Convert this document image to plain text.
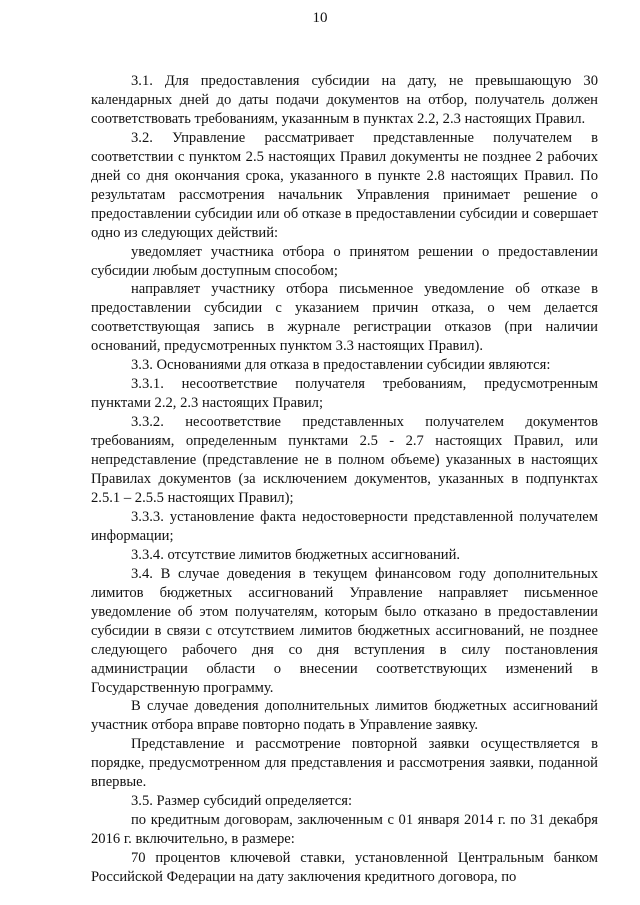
10

3.1. Для предоставления субсидии на дату, не превышающую 30 календарных дней до даты подачи документов на отбор, получатель должен соответствовать требованиям, указанным в пунктах 2.2, 2.3 настоящих Правил.

3.2. Управление рассматривает представленные получателем в соответствии с пунктом 2.5 настоящих Правил документы не позднее 2 рабочих дней со дня окончания срока, указанного в пункте 2.8 настоящих Правил. По результатам рассмотрения начальник Управления принимает решение о предоставлении субсидии или об отказе в предоставлении субсидии и совершает одно из следующих действий:

уведомляет участника отбора о принятом решении о предоставлении субсидии любым доступным способом;

направляет участнику отбора письменное уведомление об отказе в предоставлении субсидии с указанием причин отказа, о чем делается соответствующая запись в журнале регистрации отказов (при наличии оснований, предусмотренных пунктом 3.3 настоящих Правил).

3.3. Основаниями для отказа в предоставлении субсидии являются:

3.3.1. несоответствие получателя требованиям, предусмотренным пунктами 2.2, 2.3 настоящих Правил;

3.3.2. несоответствие представленных получателем документов требованиям, определенным пунктами 2.5 - 2.7 настоящих Правил, или непредставление (представление не в полном объеме) указанных в настоящих Правилах документов (за исключением документов, указанных в подпунктах 2.5.1 – 2.5.5 настоящих Правил);

3.3.3. установление факта недостоверности представленной получателем информации;

3.3.4. отсутствие лимитов бюджетных ассигнований.

3.4. В случае доведения в текущем финансовом году дополнительных лимитов бюджетных ассигнований Управление направляет письменное уведомление об этом получателям, которым было отказано в предоставлении субсидии в связи с отсутствием лимитов бюджетных ассигнований, не позднее следующего рабочего дня со дня вступления в силу постановления администрации области о внесении соответствующих изменений в Государственную программу.

В случае доведения дополнительных лимитов бюджетных ассигнований участник отбора вправе повторно подать в Управление заявку.

Представление и рассмотрение повторной заявки осуществляется в порядке, предусмотренном для представления и рассмотрения заявки, поданной впервые.

3.5. Размер субсидий определяется:

по кредитным договорам, заключенным с 01 января 2014 г. по 31 декабря 2016 г. включительно, в размере:

70 процентов ключевой ставки, установленной Центральным банком Российской Федерации на дату заключения кредитного договора, по
